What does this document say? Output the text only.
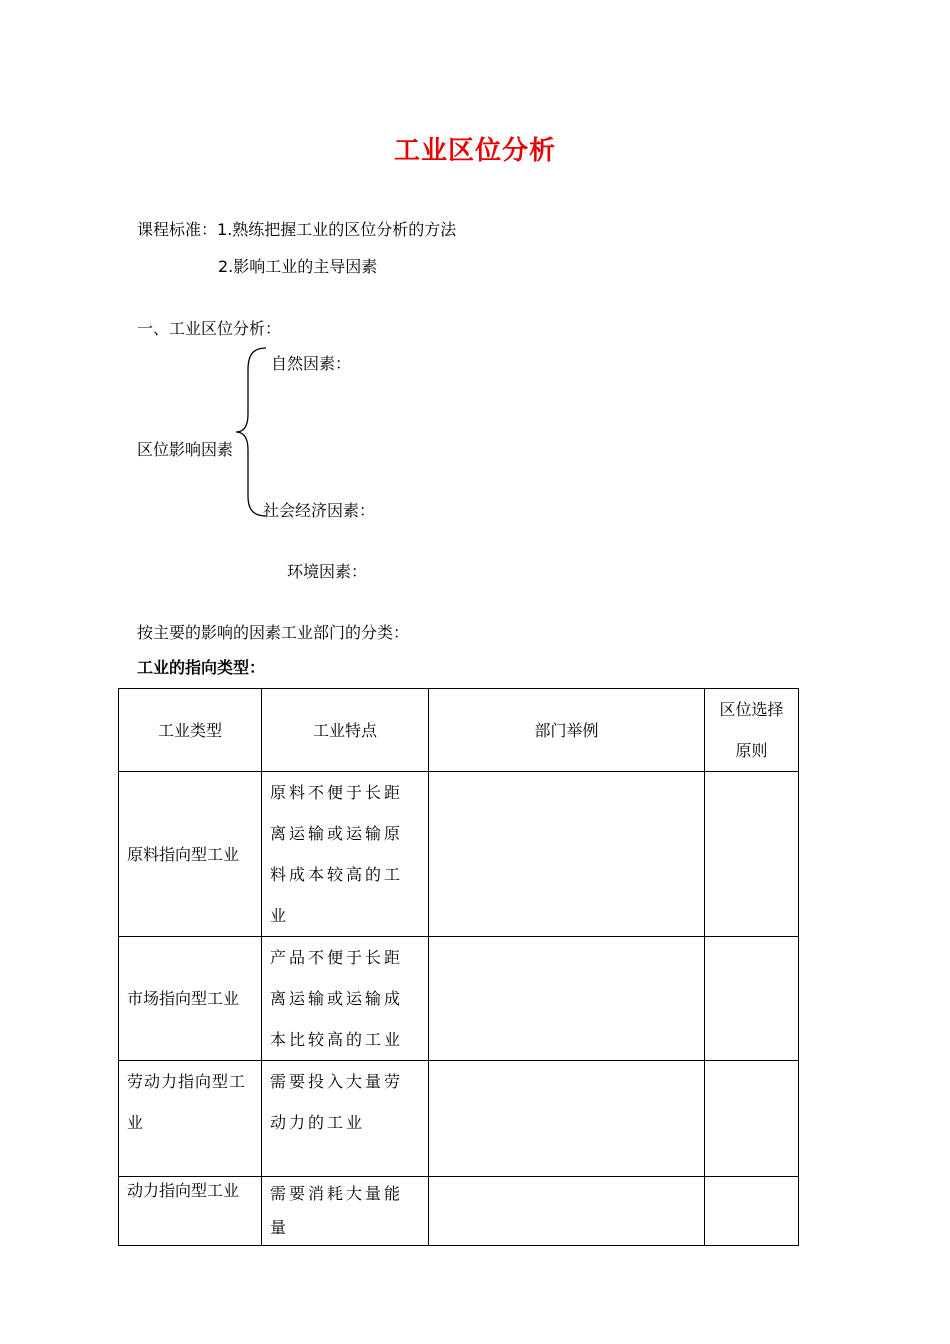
工业区位分析
课程标准：1.熟练把握工业的区位分析的方法
2.影响工业的主导因素
一、工业区位分析：
自然因素：
区位影响因素
社会经济因素：
环境因素：
按主要的影响的因素工业部门的分类：
工业的指向类型：
工业类型	工业特点	部门举例	区位选择原则
原料指向型工业	原料不便于长距离运输或运输原料成本较高的工业		
市场指向型工业	产品不便于长距离运输或运输成本比较高的工业		
劳动力指向型工业	需要投入大量劳动力的工业		
动力指向型工业	需要消耗大量能量		
